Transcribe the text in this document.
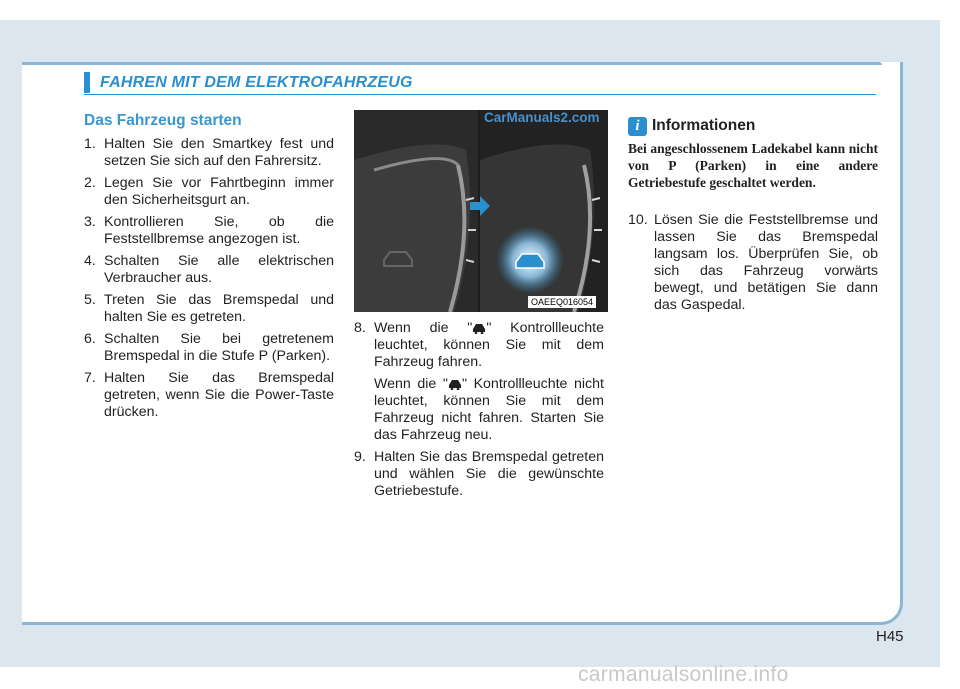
FAHREN MIT DEM ELEKTROFAHRZEUG
Das Fahrzeug starten
1. Halten Sie den Smartkey fest und setzen Sie sich auf den Fahrersitz.
2. Legen Sie vor Fahrtbeginn immer den Sicherheitsgurt an.
3. Kontrollieren Sie, ob die Feststellbremse angezogen ist.
4. Schalten Sie alle elektrischen Verbraucher aus.
5. Treten Sie das Bremspedal und halten Sie es getreten.
6. Schalten Sie bei getretenem Bremspedal in die Stufe P (Parken).
7. Halten Sie das Bremspedal getreten, wenn Sie die Power-Taste drücken.
CarManuals2.com
OAEEQ016054
8. Wenn die " " Kontrollleuchte leuchtet, können Sie mit dem Fahrzeug fahren.
Wenn die " " Kontrollleuchte nicht leuchtet, können Sie mit dem Fahrzeug nicht fahren. Starten Sie das Fahrzeug neu.
9. Halten Sie das Bremspedal getreten und wählen Sie die gewünschte Getriebestufe.
i Informationen
Bei angeschlossenem Ladekabel kann nicht von P (Parken) in eine andere Getriebestufe geschaltet werden.
10. Lösen Sie die Feststellbremse und lassen Sie das Bremspedal langsam los. Überprüfen Sie, ob sich das Fahrzeug vorwärts bewegt, und betätigen Sie dann das Gaspedal.
H45
carmanualsonline.info
